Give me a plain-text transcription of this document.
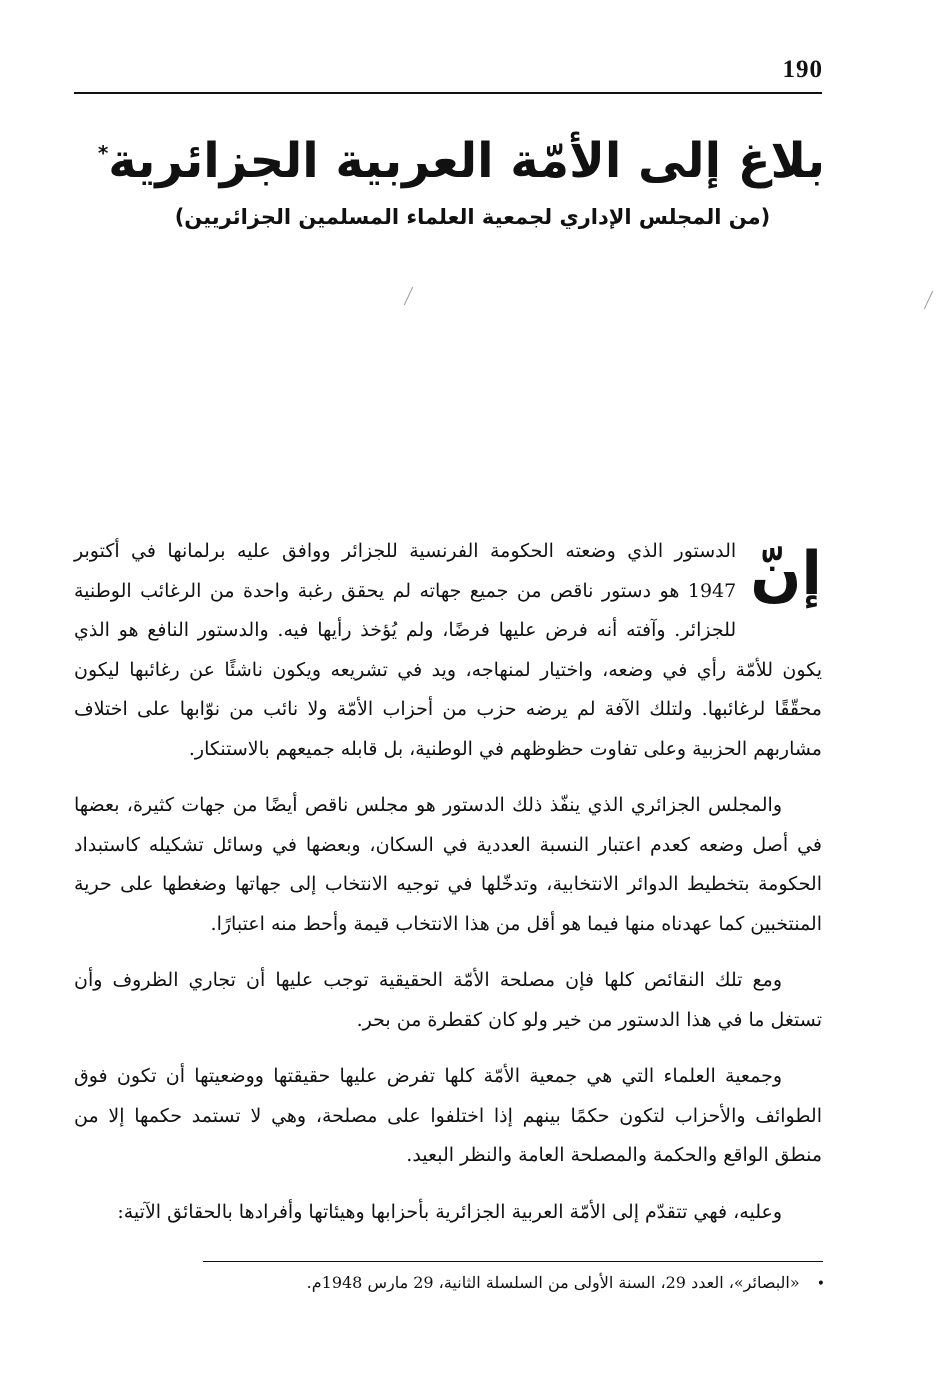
190
بلاغ إلى الأمّة العربية الجزائرية*
(من المجلس الإداري لجمعية العلماء المسلمين الجزائريين)

إنّ
الدستور الذي وضعته الحكومة الفرنسية للجزائر ووافق عليه برلمانها في أكتوبر 1947 هو دستور ناقص من جميع جهاته لم يحقق رغبة واحدة من الرغائب الوطنية للجزائر. وآفته أنه فرض عليها فرضًا، ولم يُؤخذ رأيها فيه. والدستور النافع هو الذي يكون للأمّة رأي في وضعه، واختيار لمنهاجه، ويد في تشريعه ويكون ناشئًا عن رغائبها ليكون محقّقًا لرغائبها. ولتلك الآفة لم يرضه حزب من أحزاب الأمّة ولا نائب من نوّابها على اختلاف مشاربهم الحزبية وعلى تفاوت حظوظهم في الوطنية، بل قابله جميعهم بالاستنكار.

والمجلس الجزائري الذي ينفّذ ذلك الدستور هو مجلس ناقص أيضًا من جهات كثيرة، بعضها في أصل وضعه كعدم اعتبار النسبة العددية في السكان، وبعضها في وسائل تشكيله كاستبداد الحكومة بتخطيط الدوائر الانتخابية، وتدخّلها في توجيه الانتخاب إلى جهاتها وضغطها على حرية المنتخبين كما عهدناه منها فيما هو أقل من هذا الانتخاب قيمة وأحط منه اعتبارًا.

ومع تلك النقائص كلها فإن مصلحة الأمّة الحقيقية توجب عليها أن تجاري الظروف وأن تستغل ما في هذا الدستور من خير ولو كان كقطرة من بحر.

وجمعية العلماء التي هي جمعية الأمّة كلها تفرض عليها حقيقتها ووضعيتها أن تكون فوق الطوائف والأحزاب لتكون حكمًا بينهم إذا اختلفوا على مصلحة، وهي لا تستمد حكمها إلا من منطق الواقع والحكمة والمصلحة العامة والنظر البعيد.

وعليه، فهي تتقدّم إلى الأمّة العربية الجزائرية بأحزابها وهيئاتها وأفرادها بالحقائق الآتية:

• «البصائر»، العدد 29، السنة الأولى من السلسلة الثانية، 29 مارس 1948م.
